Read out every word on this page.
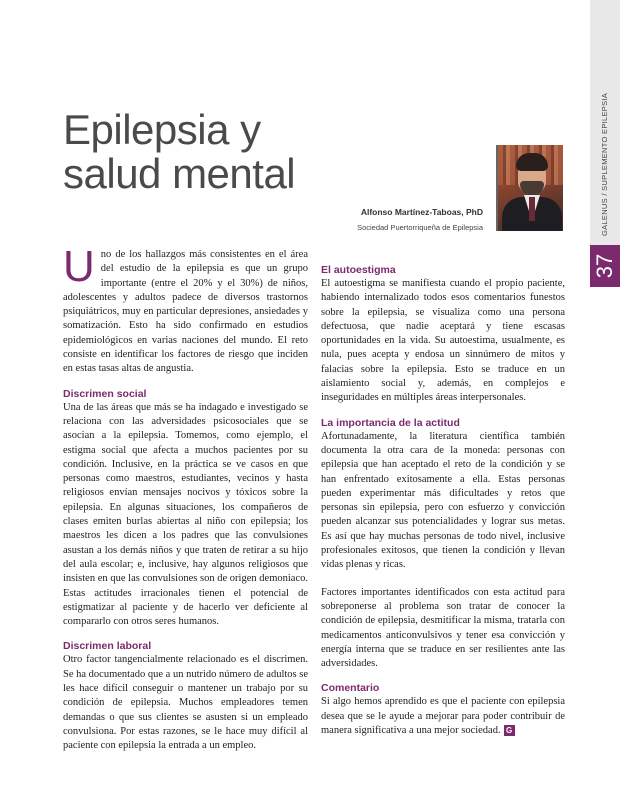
GALENUS / SUPLEMENTO EPILEPSIA
37
Epilepsia y
salud mental
Alfonso Martínez-Taboas, PhD
Sociedad Puertorriqueña de Epilepsia

Uno de los hallazgos más consistentes en el área del estudio de la epilepsia es que un grupo importante (entre el 20% y el 30%) de niños, adolescentes y adultos padece de diversos trastornos psiquiátricos, muy en particular depresiones, ansiedades y somatización. Esto ha sido confirmado en estudios epidemiológicos en varias naciones del mundo. El reto consiste en identificar los factores de riesgo que inciden en estas tasas altas de angustia.

Discrimen social

Una de las áreas que más se ha indagado e investigado se relaciona con las adversidades psicosociales que se asocian a la epilepsia. Tomemos, como ejemplo, el estigma social que afecta a muchos pacientes por su condición. Inclusive, en la práctica se ve casos en que personas como maestros, estudiantes, vecinos y hasta religiosos envían mensajes nocivos y tóxicos sobre la epilepsia. En algunas situaciones, los compañeros de clases emiten burlas abiertas al niño con epilepsia; los maestros les dicen a los padres que las convulsiones asustan a los demás niños y que traten de retirar a su hijo del aula escolar; e, inclusive, hay algunos religiosos que insisten en que las convulsiones son de origen demoniaco. Estas actitudes irracionales tienen el potencial de estigmatizar al paciente y de hacerlo ver deficiente al compararlo con otros seres humanos.

Discrimen laboral

Otro factor tangencialmente relacionado es el discrimen. Se ha documentado que a un nutrido número de adultos se les hace difícil conseguir o mantener un trabajo por su condición de epilepsia. Muchos empleadores temen demandas o que sus clientes se asusten si un empleado convulsiona. Por estas razones, se le hace muy difícil al paciente con epilepsia la entrada a un empleo.

El autoestigma

El autoestigma se manifiesta cuando el propio paciente, habiendo internalizado todos esos comentarios funestos sobre la epilepsia, se visualiza como una persona defectuosa, que nadie aceptará y tiene escasas oportunidades en la vida. Su autoestima, usualmente, es nula, pues acepta y endosa un sinnúmero de mitos y falacias sobre la epilepsia. Esto se traduce en un aislamiento social y, además, en complejos e inseguridades en múltiples áreas interpersonales.

La importancia de la actitud

Afortunadamente, la literatura científica también documenta la otra cara de la moneda: personas con epilepsia que han aceptado el reto de la condición y se han enfrentado exitosamente a ella. Estas personas pueden experimentar más dificultades y retos que personas sin epilepsia, pero con esfuerzo y convicción pueden alcanzar sus potencialidades y lograr sus metas. Es así que hay muchas personas de todo nivel, inclusive profesionales exitosos, que tienen la condición y llevan vidas plenas y ricas.

Factores importantes identificados con esta actitud para sobreponerse al problema son tratar de conocer la condición de epilepsia, desmitificar la misma, tratarla con medicamentos anticonvulsivos y tener esa convicción y energía interna que se traduce en ser resilientes ante las adversidades.

Comentario

Si algo hemos aprendido es que el paciente con epilepsia desea que se le ayude a mejorar para poder contribuir de manera significativa a una mejor sociedad. G
